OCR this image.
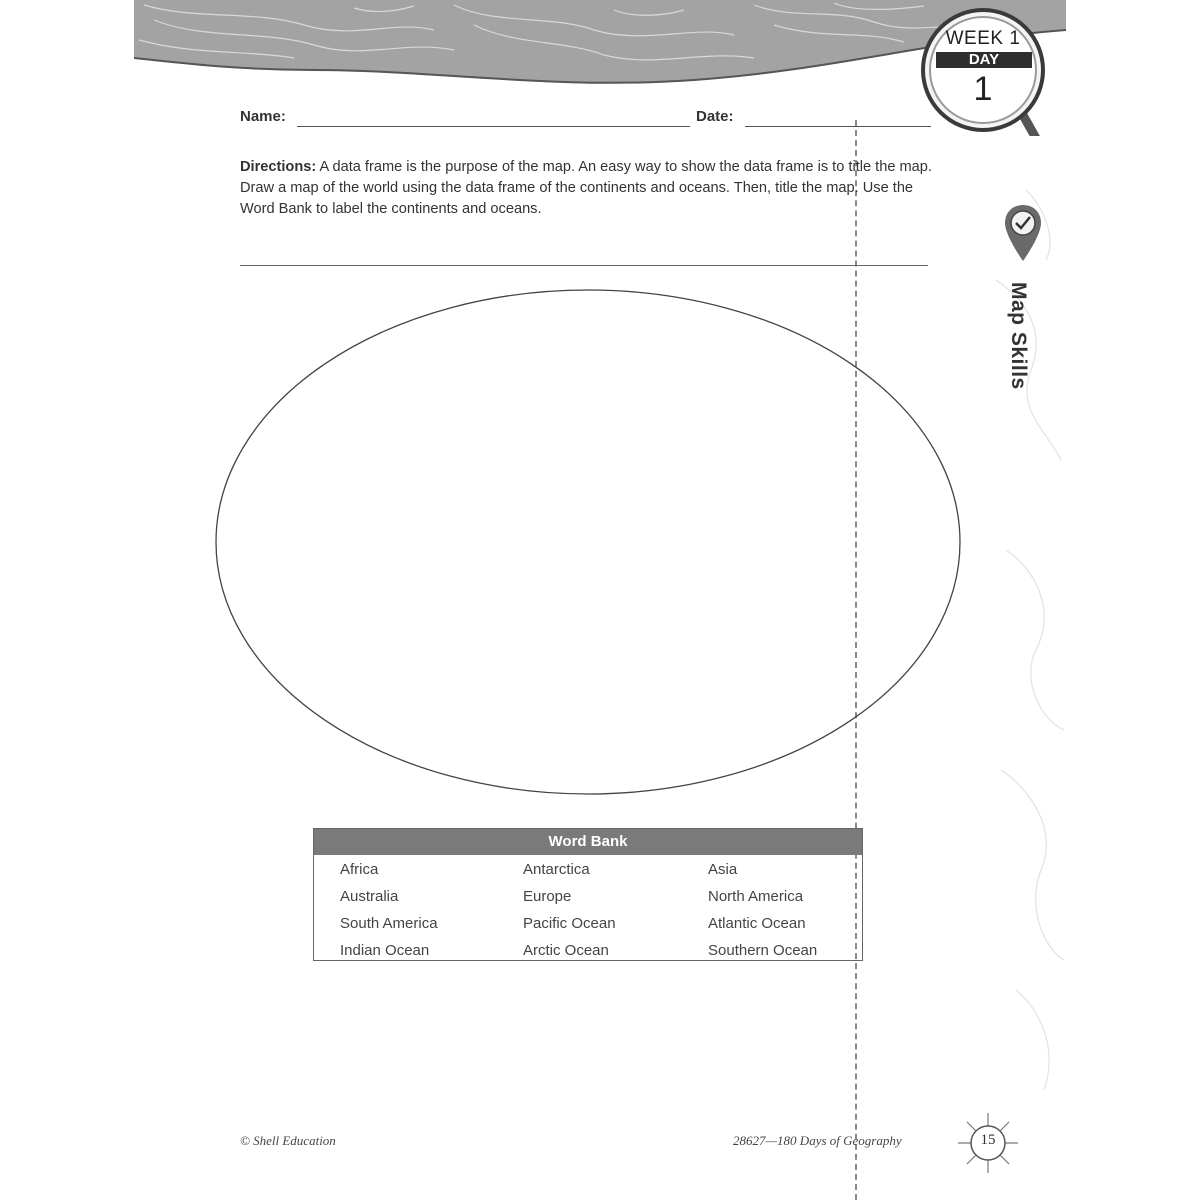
WEEK 1
DAY
1
Map Skills
Name:	Date:
Directions: A data frame is the purpose of the map. An easy way to show the data frame is to title the map. Draw a map of the world using the data frame of the continents and oceans. Then, title the map. Use the Word Bank to label the continents and oceans.
Word Bank
Africa	Antarctica	Asia
Australia	Europe	North America
South America	Pacific Ocean	Atlantic Ocean
Indian Ocean	Arctic Ocean	Southern Ocean
© Shell Education	28627—180 Days of Geography	15
